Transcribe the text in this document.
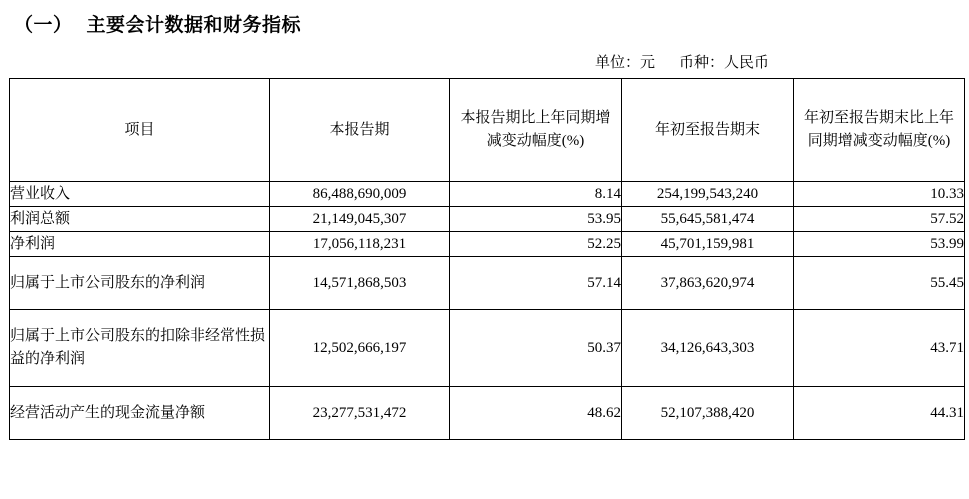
（一） 主要会计数据和财务指标
单位：元 币种：人民币
项目	本报告期	本报告期比上年同期增减变动幅度(%)	年初至报告期末	年初至报告期末比上年同期增减变动幅度(%)
营业收入	86,488,690,009	8.14	254,199,543,240	10.33
利润总额	21,149,045,307	53.95	55,645,581,474	57.52
净利润	17,056,118,231	52.25	45,701,159,981	53.99
归属于上市公司股东的净利润	14,571,868,503	57.14	37,863,620,974	55.45
归属于上市公司股东的扣除非经常性损益的净利润	12,502,666,197	50.37	34,126,643,303	43.71
经营活动产生的现金流量净额	23,277,531,472	48.62	52,107,388,420	44.31
